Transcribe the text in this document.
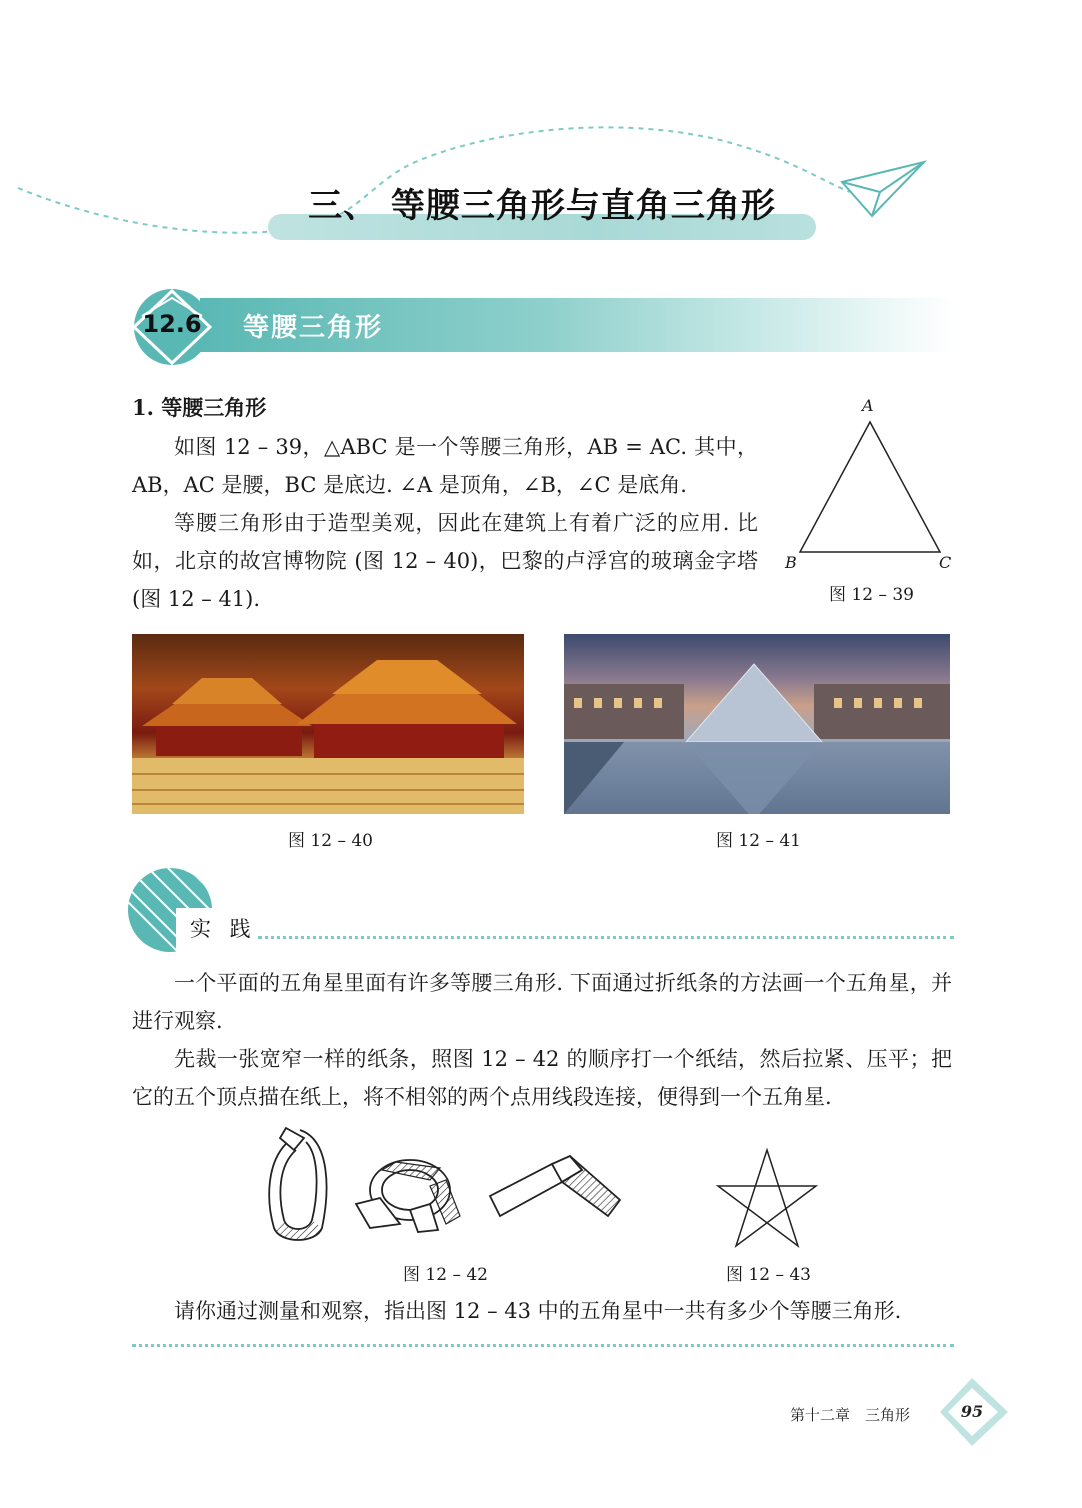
三、 等腰三角形与直角三角形
12.6 等腰三角形
1. 等腰三角形
如图 12 – 39，△ABC 是一个等腰三角形，AB = AC. 其中，AB，AC 是腰，BC 是底边. ∠A 是顶角，∠B，∠C 是底角.
等腰三角形由于造型美观，因此在建筑上有着广泛的应用. 比如，北京的故宫博物院 (图 12 – 40)，巴黎的卢浮宫的玻璃金字塔 (图 12 – 41).
A
B	C
图 12 – 39
图 12 – 40	图 12 – 41
实 践
一个平面的五角星里面有许多等腰三角形. 下面通过折纸条的方法画一个五角星，并进行观察.
先裁一张宽窄一样的纸条，照图 12 – 42 的顺序打一个纸结，然后拉紧、压平；把它的五个顶点描在纸上，将不相邻的两个点用线段连接，便得到一个五角星.
图 12 – 42	图 12 – 43
请你通过测量和观察，指出图 12 – 43 中的五角星中一共有多少个等腰三角形.
第十二章　三角形	95
